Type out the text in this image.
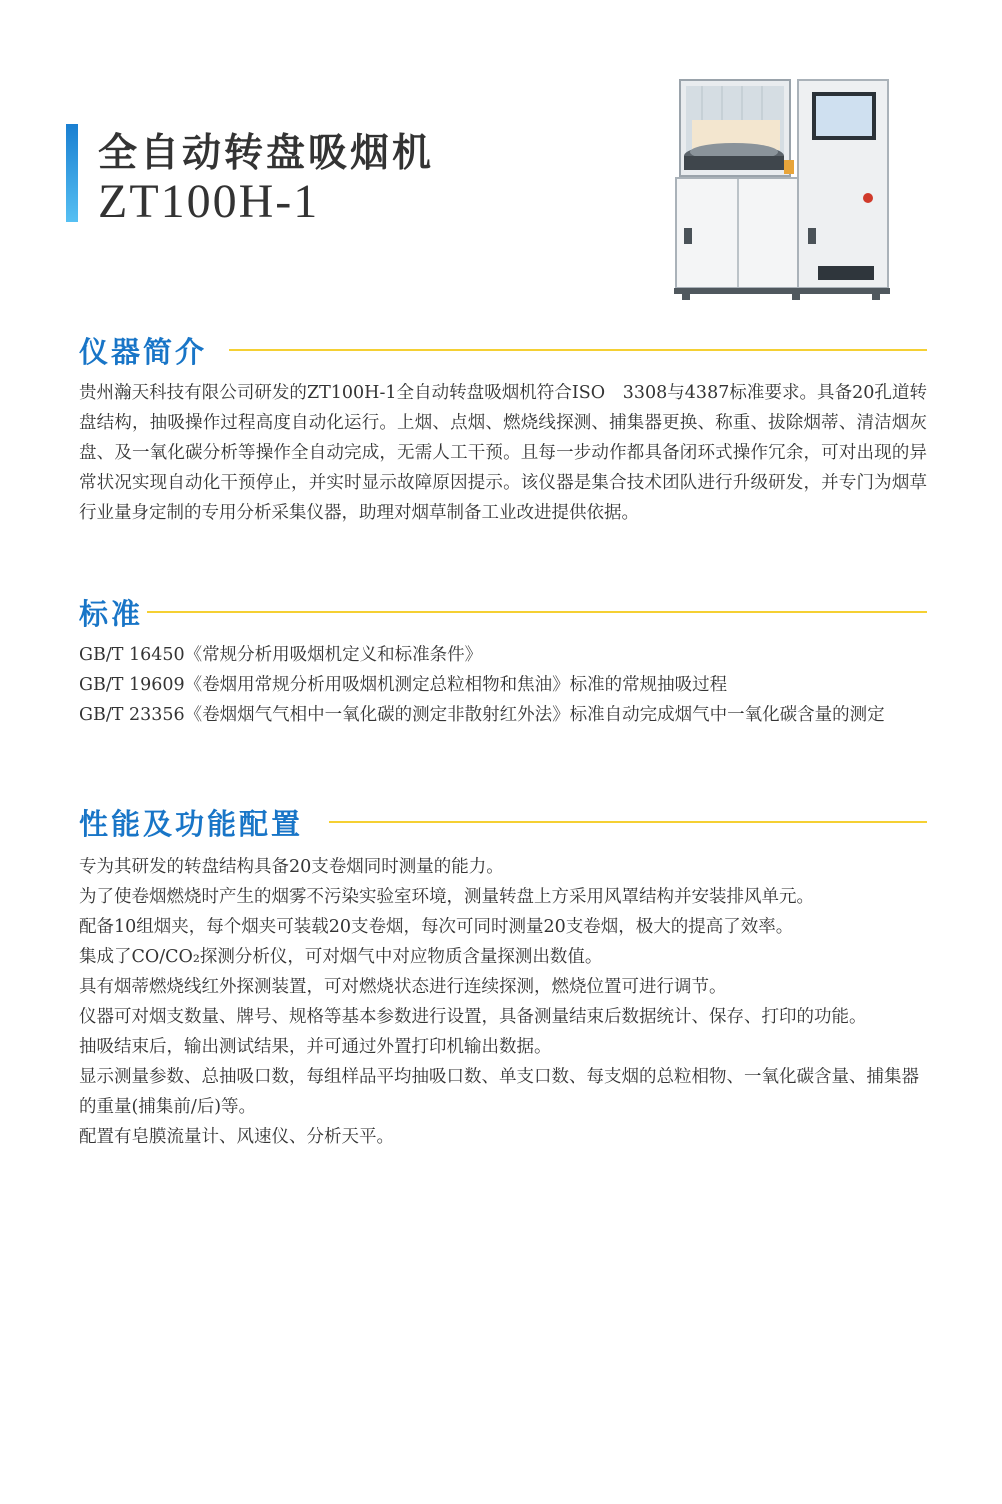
全自动转盘吸烟机
ZT100H-1
仪器简介
贵州瀚天科技有限公司研发的ZT100H-1全自动转盘吸烟机符合ISO　3308与4387标准要求。具备20孔道转盘结构，抽吸操作过程高度自动化运行。上烟、点烟、燃烧线探测、捕集器更换、称重、拔除烟蒂、清洁烟灰盘、及一氧化碳分析等操作全自动完成，无需人工干预。且每一步动作都具备闭环式操作冗余，可对出现的异常状况实现自动化干预停止，并实时显示故障原因提示。该仪器是集合技术团队进行升级研发，并专门为烟草行业量身定制的专用分析采集仪器，助理对烟草制备工业改进提供依据。
标准
GB/T 16450《常规分析用吸烟机定义和标准条件》
GB/T 19609《卷烟用常规分析用吸烟机测定总粒相物和焦油》标准的常规抽吸过程
GB/T 23356《卷烟烟气气相中一氧化碳的测定非散射红外法》标准自动完成烟气中一氧化碳含量的测定
性能及功能配置
专为其研发的转盘结构具备20支卷烟同时测量的能力。
为了使卷烟燃烧时产生的烟雾不污染实验室环境，测量转盘上方采用风罩结构并安装排风单元。
配备10组烟夹，每个烟夹可装载20支卷烟，每次可同时测量20支卷烟，极大的提高了效率。
集成了CO/CO₂探测分析仪，可对烟气中对应物质含量探测出数值。
具有烟蒂燃烧线红外探测装置，可对燃烧状态进行连续探测，燃烧位置可进行调节。
仪器可对烟支数量、牌号、规格等基本参数进行设置，具备测量结束后数据统计、保存、打印的功能。
抽吸结束后，输出测试结果，并可通过外置打印机输出数据。
显示测量参数、总抽吸口数，每组样品平均抽吸口数、单支口数、每支烟的总粒相物、一氧化碳含量、捕集器的重量(捕集前/后)等。
配置有皂膜流量计、风速仪、分析天平。
